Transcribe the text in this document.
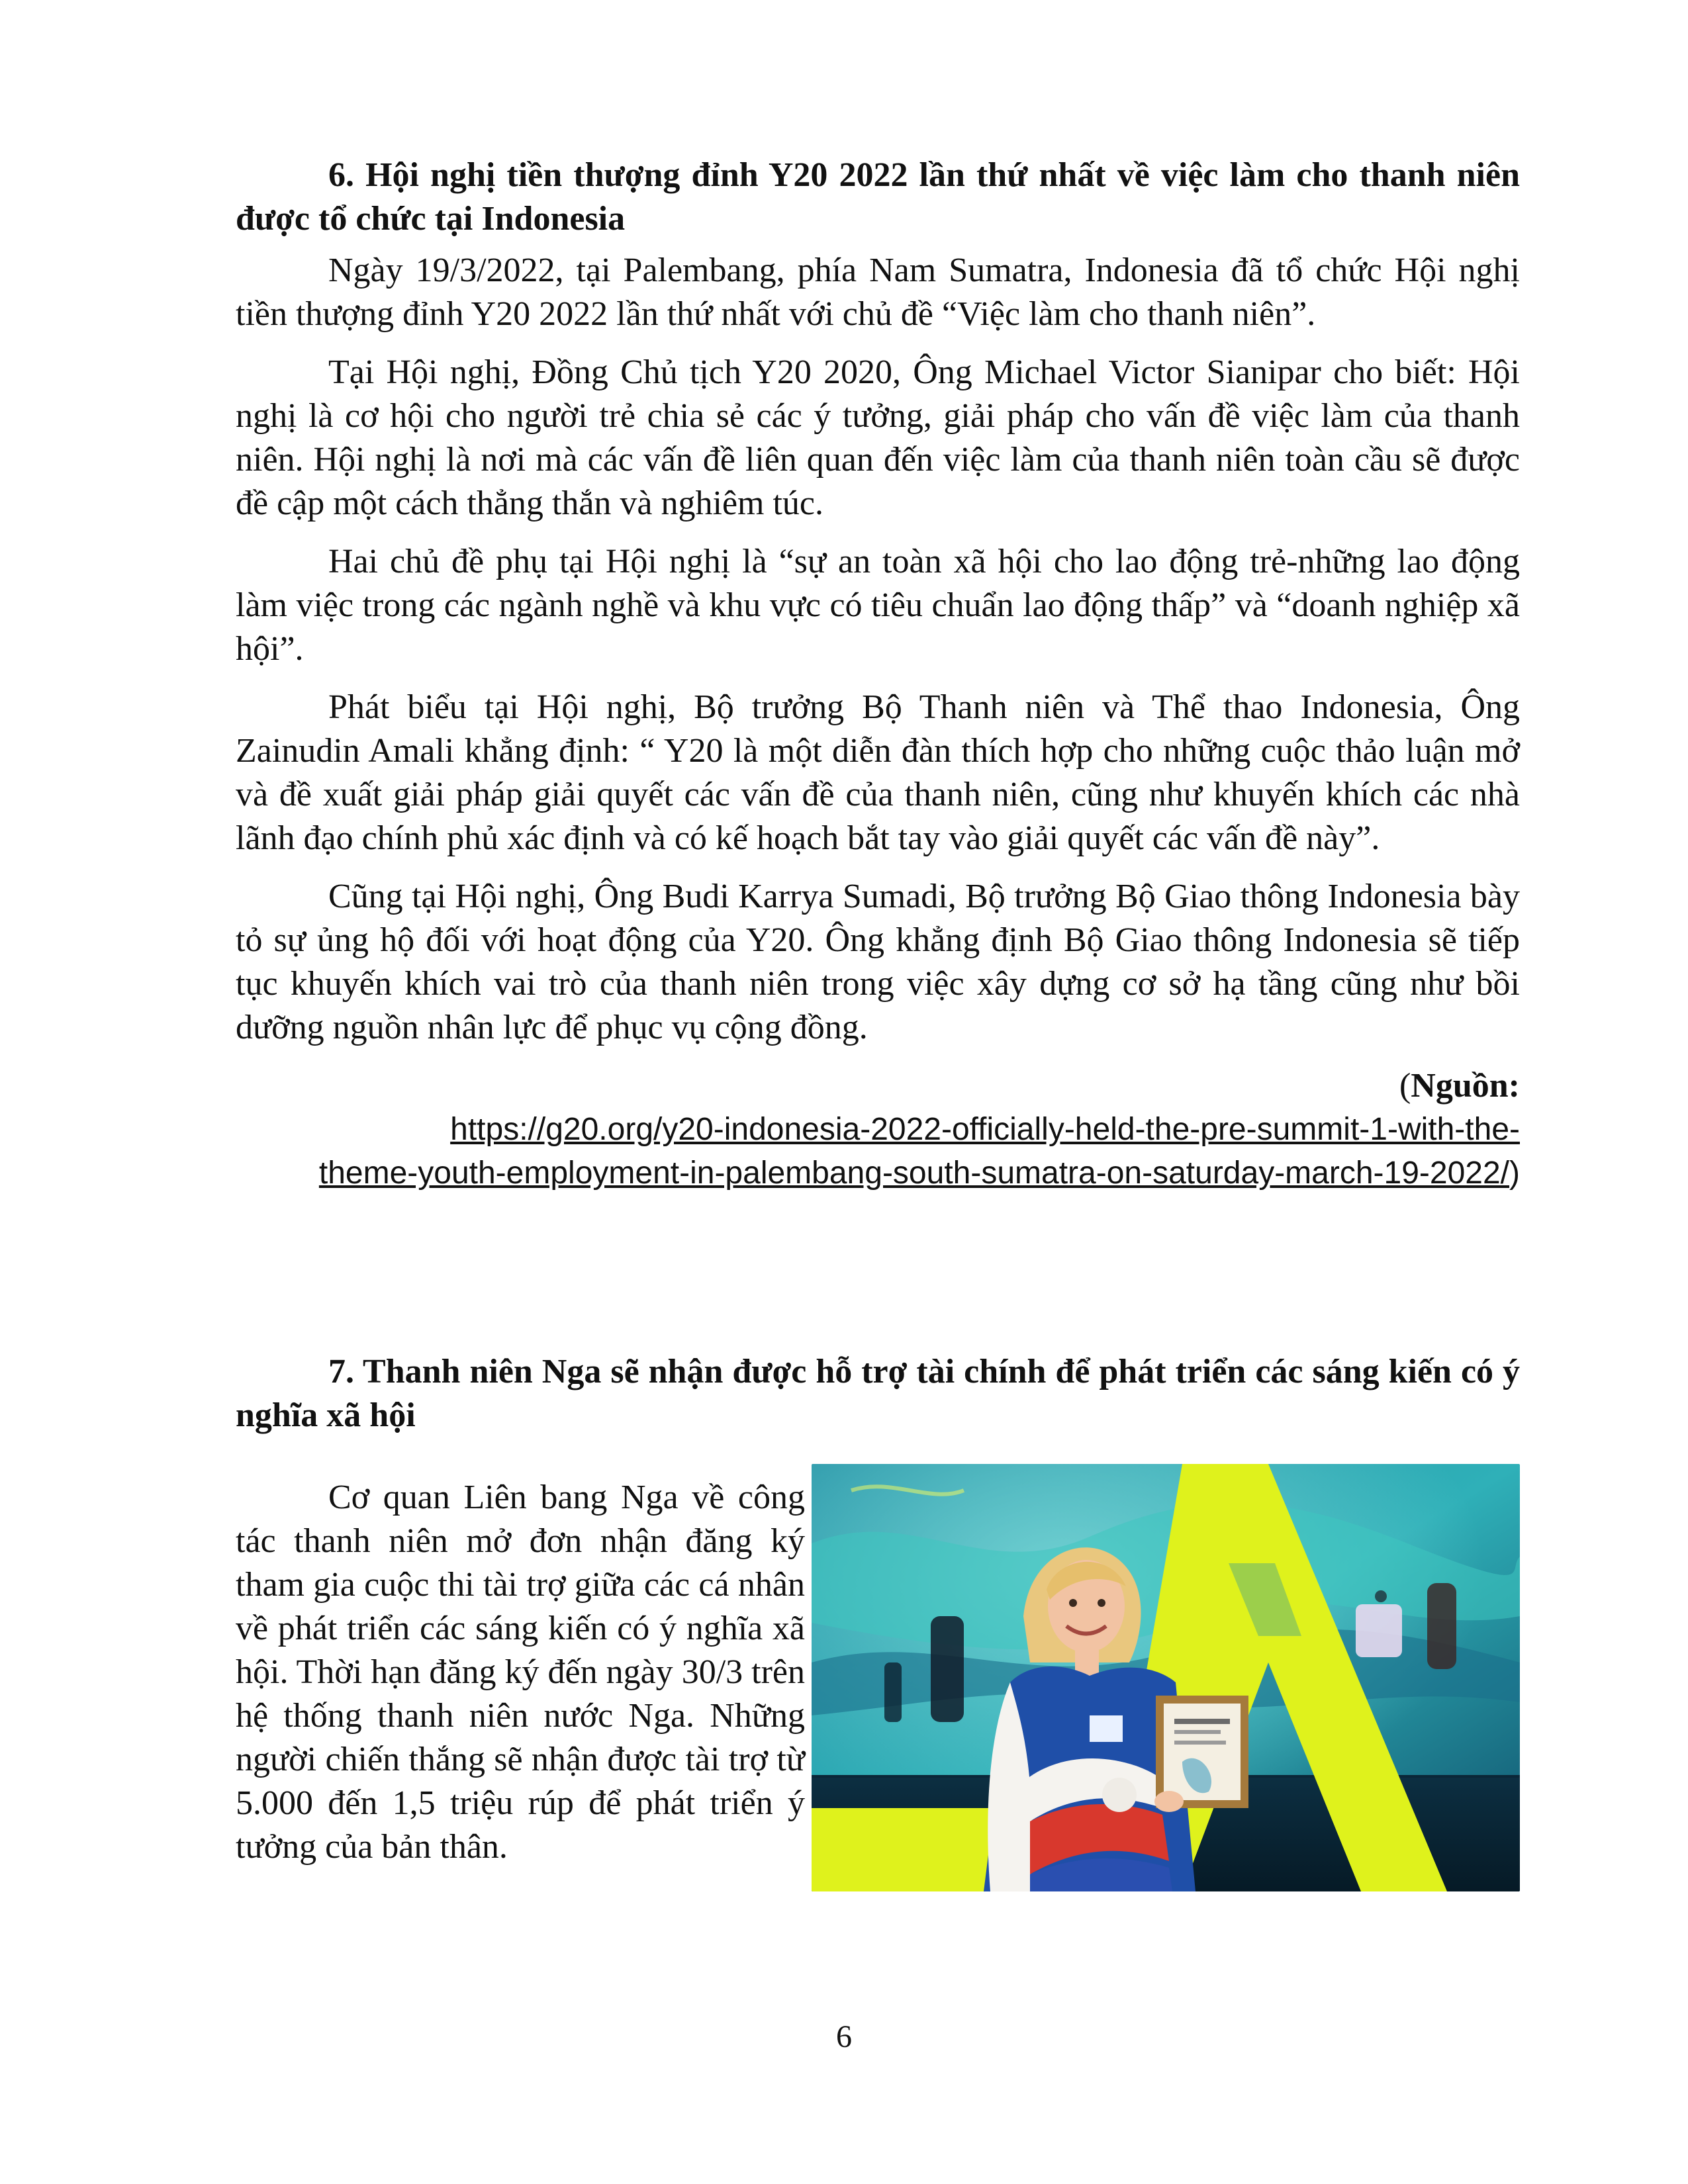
6. Hội nghị tiền thượng đỉnh Y20 2022 lần thứ nhất về việc làm cho thanh niên được tổ chức tại Indonesia

Ngày 19/3/2022, tại Palembang, phía Nam Sumatra, Indonesia đã tổ chức Hội nghị tiền thượng đỉnh Y20 2022 lần thứ nhất với chủ đề “Việc làm cho thanh niên”.

Tại Hội nghị, Đồng Chủ tịch Y20 2020, Ông Michael Victor Sianipar cho biết: Hội nghị là cơ hội cho người trẻ chia sẻ các ý tưởng, giải pháp cho vấn đề việc làm của thanh niên. Hội nghị là nơi mà các vấn đề liên quan đến việc làm của thanh niên toàn cầu sẽ được đề cập một cách thẳng thắn và nghiêm túc.

Hai chủ đề phụ tại Hội nghị là “sự an toàn xã hội cho lao động trẻ-những lao động làm việc trong các ngành nghề và khu vực có tiêu chuẩn lao động thấp” và “doanh nghiệp xã hội”.

Phát biểu tại Hội nghị, Bộ trưởng Bộ Thanh niên và Thể thao Indonesia, Ông Zainudin Amali khẳng định: “ Y20 là một diễn đàn thích hợp cho những cuộc thảo luận mở và đề xuất giải pháp giải quyết các vấn đề của thanh niên, cũng như khuyến khích các nhà lãnh đạo chính phủ xác định và có kế hoạch bắt tay vào giải quyết các vấn đề này”.

Cũng tại Hội nghị, Ông Budi Karrya Sumadi, Bộ trưởng Bộ Giao thông Indonesia bày tỏ sự ủng hộ đối với hoạt động của Y20. Ông khẳng định Bộ Giao thông Indonesia sẽ tiếp tục khuyến khích vai trò của thanh niên trong việc xây dựng cơ sở hạ tầng cũng như bồi dưỡng nguồn nhân lực để phục vụ cộng đồng.

(Nguồn:

https://g20.org/y20-indonesia-2022-officially-held-the-pre-summit-1-with-the-

theme-youth-employment-in-palembang-south-sumatra-on-saturday-march-19-2022/)

7. Thanh niên Nga sẽ nhận được hỗ trợ tài chính để phát triển các sáng kiến có ý nghĩa xã hội

Cơ quan Liên bang Nga về công tác thanh niên mở đơn nhận đăng ký tham gia cuộc thi tài trợ giữa các cá nhân về phát triển các sáng kiến có ý nghĩa xã hội. Thời hạn đăng ký đến ngày 30/3 trên hệ thống thanh niên nước Nga. Những người chiến thắng sẽ nhận được tài trợ từ 5.000 đến 1,5 triệu rúp để phát triển ý tưởng của bản thân.

6
